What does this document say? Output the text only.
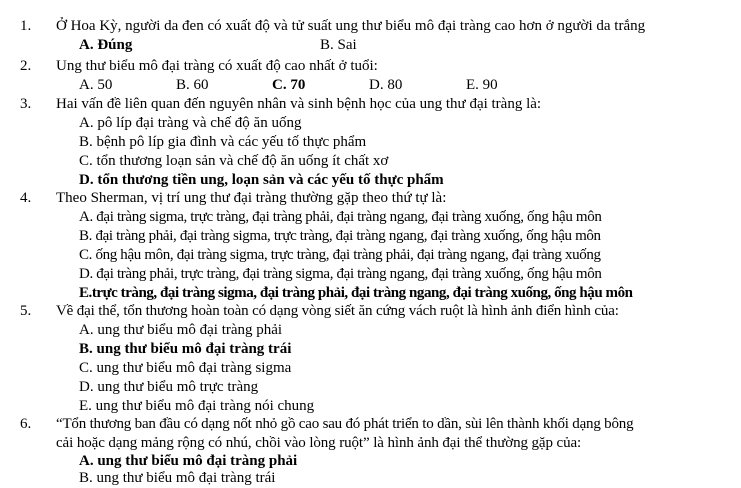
1. Ở Hoa Kỳ, người da đen có xuất độ và tử suất ung thư biểu mô đại tràng cao hơn ở người da trắng
A. Đúng	B. Sai
2. Ung thư biểu mô đại tràng có xuất độ cao nhất ở tuổi:
A. 50	B. 60	C. 70	D. 80	E. 90
3. Hai vấn đề liên quan đến nguyên nhân và sinh bệnh học của ung thư đại tràng là:
A. pô líp đại tràng và chế độ ăn uống
B. bệnh pô líp gia đình và các yếu tố thực phẩm
C. tổn thương loạn sản và chế độ ăn uống ít chất xơ
D. tổn thương tiền ung, loạn sản và các yếu tố thực phẩm
4. Theo Sherman, vị trí ung thư đại tràng thường gặp theo thứ tự là:
A. đại tràng sigma, trực tràng, đại tràng phải, đại tràng ngang, đại tràng xuống, ống hậu môn
B. đại tràng phải, đại tràng sigma, trực tràng, đại tràng ngang, đại tràng xuống, ống hậu môn
C. ống hậu môn, đại tràng sigma, trực tràng, đại tràng phải, đại tràng ngang, đại tràng xuống
D. đại tràng phải, trực tràng, đại tràng sigma, đại tràng ngang, đại tràng xuống, ống hậu môn
E.trực tràng, đại tràng sigma, đại tràng phải, đại tràng ngang, đại tràng xuống, ống hậu môn
5. Về đại thể, tổn thương hoàn toàn có dạng vòng siết ăn cứng vách ruột là hình ảnh điển hình của:
A. ung thư biểu mô đại tràng phải
B. ung thư biểu mô đại tràng trái
C. ung thư biểu mô đại tràng sigma
D. ung thư biểu mô trực tràng
E. ung thư biểu mô đại tràng nói chung
6. “Tổn thương ban đầu có dạng nốt nhỏ gồ cao sau đó phát triển to dần, sùi lên thành khối dạng bông
cải hoặc dạng mảng rộng có nhú, chồi vào lòng ruột” là hình ảnh đại thể thường gặp của:
A. ung thư biểu mô đại tràng phải
B. ung thư biểu mô đại tràng trái
